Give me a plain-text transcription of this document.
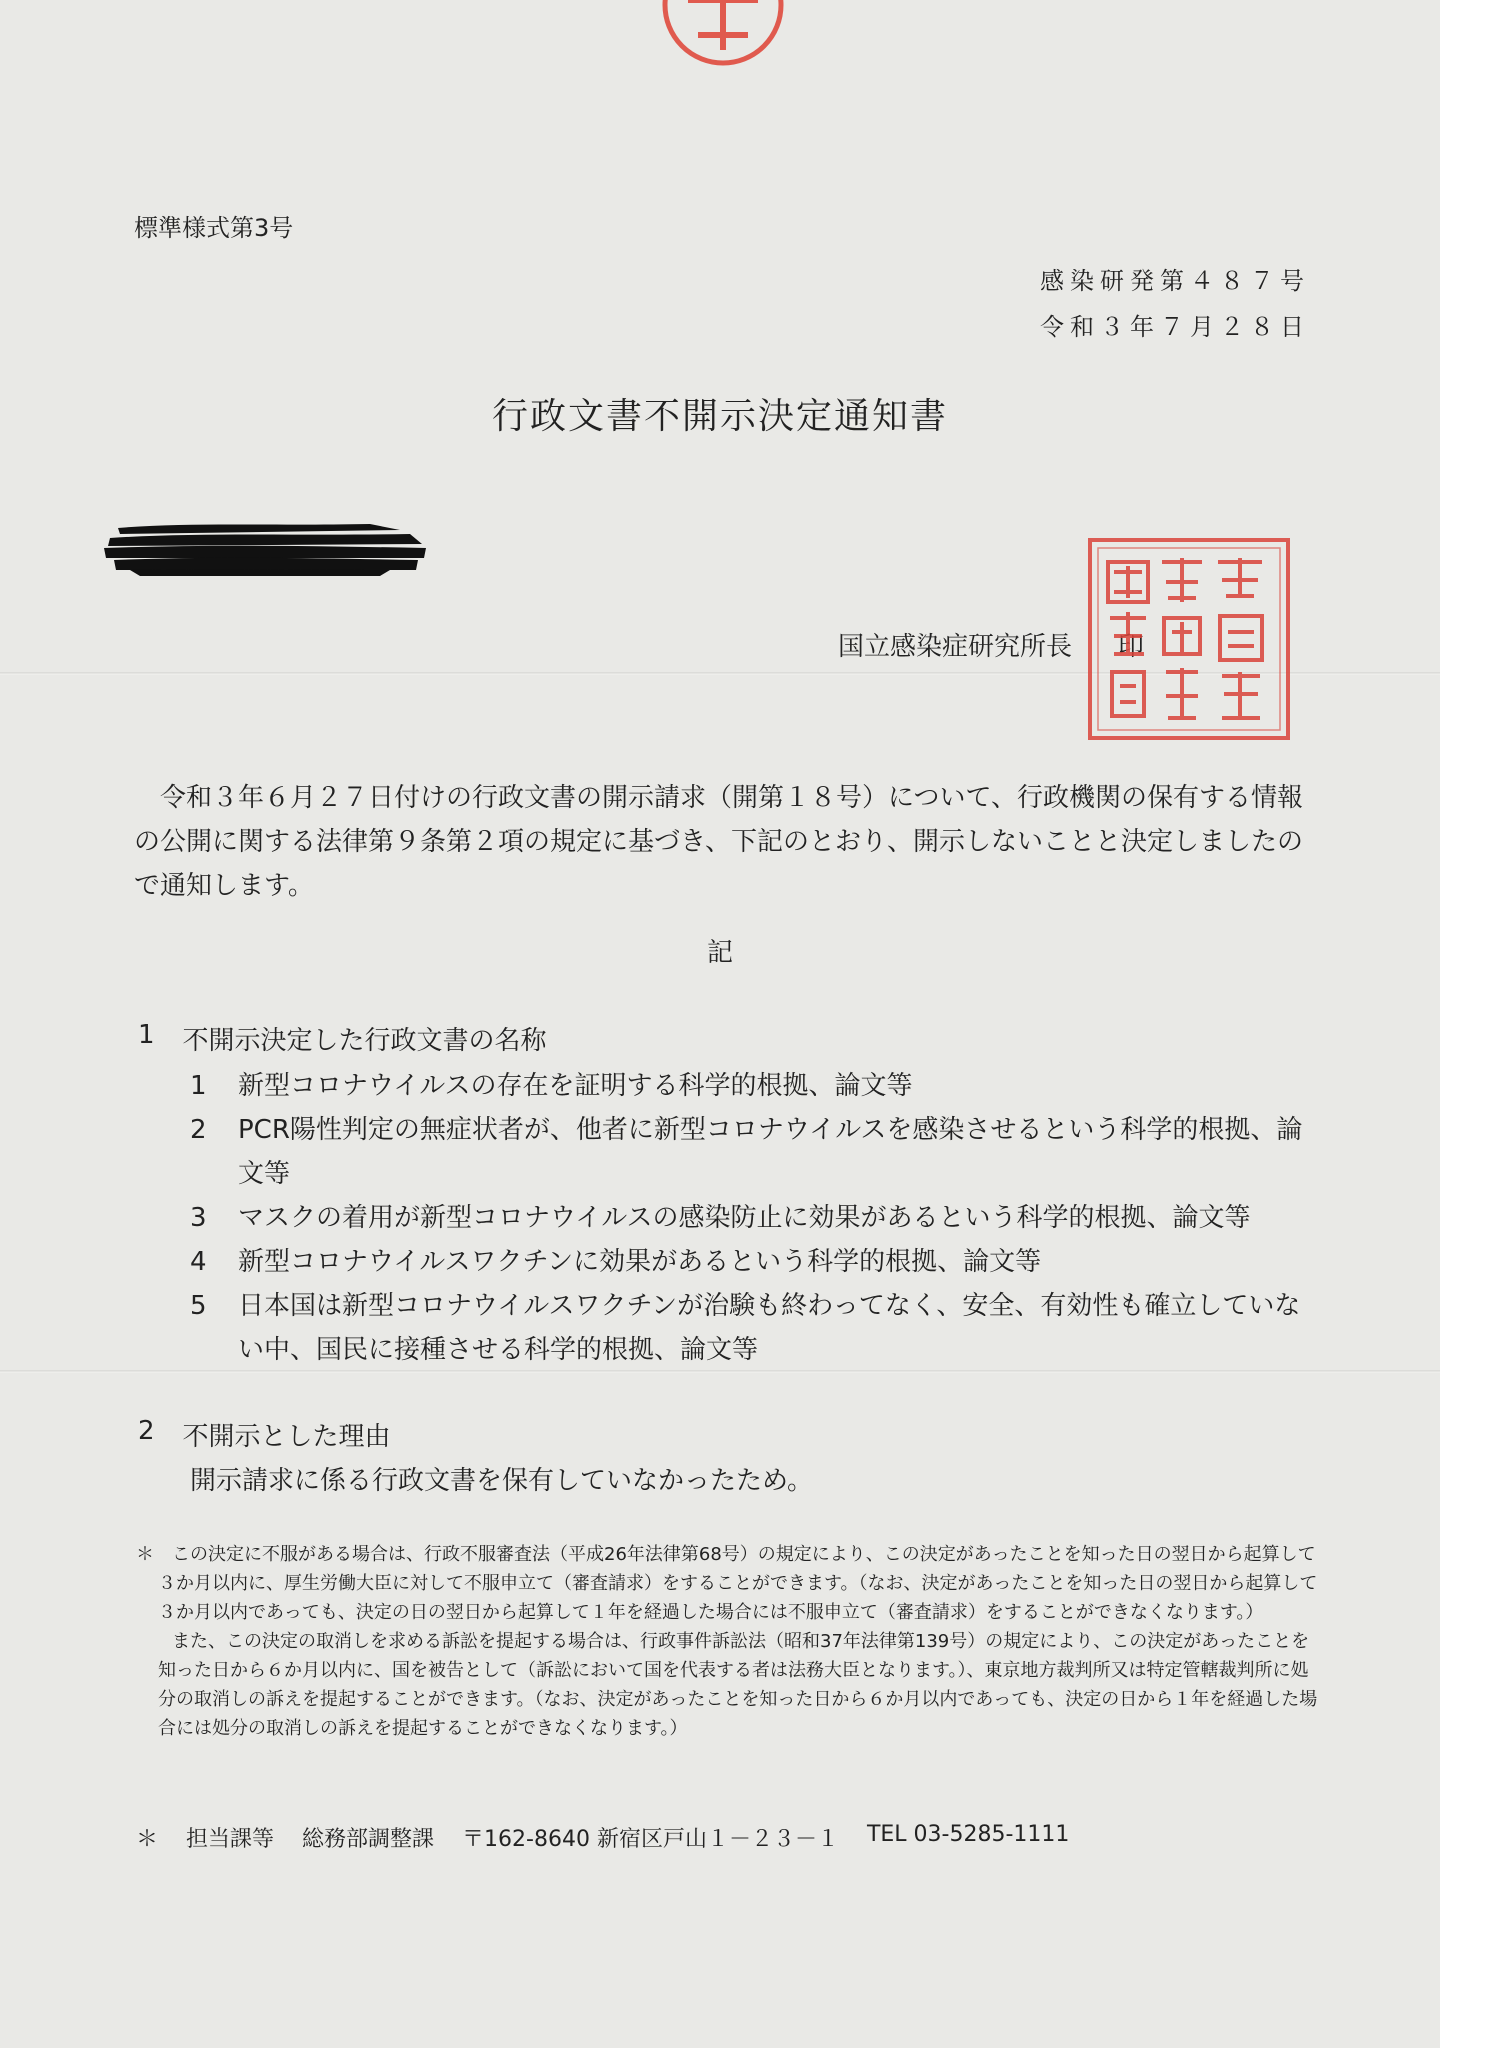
標準様式第3号
感染研発第４８７号
令和３年７月２８日
行政文書不開示決定通知書
国立感染症研究所長 印

令和３年６月２７日付けの行政文書の開示請求（開第１８号）について、行政機関の保有する情報の公開に関する法律第９条第２項の規定に基づき、下記のとおり、開示しないことと決定しましたので通知します。

記
1 不開示決定した行政文書の名称
1	新型コロナウイルスの存在を証明する科学的根拠、論文等
2	PCR陽性判定の無症状者が、他者に新型コロナウイルスを感染させるという科学的根拠、論文等
3	マスクの着用が新型コロナウイルスの感染防止に効果があるという科学的根拠、論文等
4	新型コロナウイルスワクチンに効果があるという科学的根拠、論文等
5	日本国は新型コロナウイルスワクチンが治験も終わってなく、安全、有効性も確立していない中、国民に接種させる科学的根拠、論文等
2 不開示とした理由
開示請求に係る行政文書を保有していなかったため。
＊	この決定に不服がある場合は、行政不服審査法（平成26年法律第68号）の規定により、この決定があったことを知った日の翌日から起算して３か月以内に、厚生労働大臣に対して不服申立て（審査請求）をすることができます。（なお、決定があったことを知った日の翌日から起算して３か月以内であっても、決定の日の翌日から起算して１年を経過した場合には不服申立て（審査請求）をすることができなくなります。）
また、この決定の取消しを求める訴訟を提起する場合は、行政事件訴訟法（昭和37年法律第139号）の規定により、この決定があったことを知った日から６か月以内に、国を被告として（訴訟において国を代表する者は法務大臣となります。）、東京地方裁判所又は特定管轄裁判所に処分の取消しの訴えを提起することができます。（なお、決定があったことを知った日から６か月以内であっても、決定の日から１年を経過した場合には処分の取消しの訴えを提起することができなくなります。）
＊ 担当課等 総務部調整課 〒162-8640 新宿区戸山１－２３－１ TEL 03-5285-1111
